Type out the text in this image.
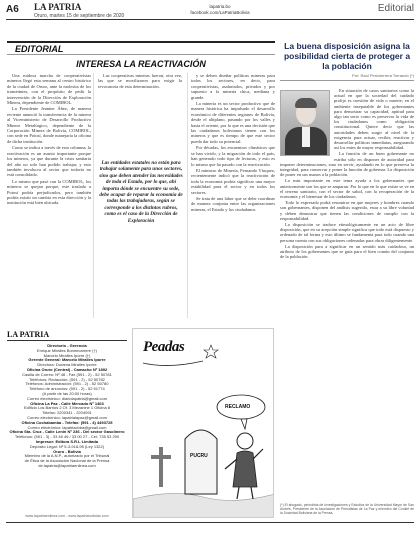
A6 LA PATRIA
Oruro, martes 15 de septiembre de 2020
lapatria.bo
facebook.com/LaPatriaBolivia	Editorial
EDITORIAL
INTERESA LA REACTIVACIÓN

Una ruidosa marcha de cooperativistas mineros llegó esta semana al centro histórico de la ciudad de Oruro, ante la molestia de los transeúntes, con el propósito de pedir la intervención de la Dirección de Exploración Minera, dependiente de COMIBOL.

La Presidente Jeanine Áñez, de manera reciente anunció la transferencia de la minera al Viceministerio de Desarrollo Productivo Minero Metalúrgico, dependiente de la Corporación Minera de Bolivia, COMIBOL, con sede en Potosí, donde manejaría la oficina de dicha institución.

Como se indica a través de esta columna, la reactivación es un asunto importante porque los mineros, ya que durante la crisis sanitaria del año no solo han podido trabajar, y esto también involucra al sector que todavía no está consolidado.

Lo mismo que pasó con la COMIBOL, los mineros se quejan porque, este traslado a Potosí podría perjudicarlos, pero también podría existir un cambio en esta dirección y la institución está bien ubicada.

Las cooperativas mineras fueron, otra vez, las que se movilizaron para exigir la revocatoria de esta determinación.

Las entidades estatales no están para trabajar solamente para unos sectores, sino que deben atender las necesidades de toda el Estado, por lo que, ahí importa dónde se encuentre su sede, debe ocupar de reparar la economía de todas las trabajadoras, según se corresponde a los distintos rubros, como es el caso de la Dirección de Exploración

y se deben diseñar políticas mineras para todos los sectores, en decir, para cooperativistas, asalariados, privados y por supuesto a la minería chica, mediana y grande.

La minería es un sector productivo que de manera histórica ha impulsado el desarrollo económico de diferentes regiones de Bolivia, desde el altiplano, pasando por los valles y hasta el oriente, por lo que es una decisión que las ciudadanos bolivianos tienen con los mineros y que es tiempo de que este sector pueda dar todo su potencial.

Por décadas, los encuentros climáticos que se han vivido, y la migración de todo el país, han generado todo tipo de lecturas, y esto es lo mismo que ha pasado con la reactivación.

El ministro de Minería, Fernando Vásquez, recientemente indicó que la reactivación de toda la economía podría significar una mayor estabilidad para el sector y en todos los sectores.

Se trata de una labor que se debe coordinar de manera conjunta entre las organizaciones mineras, el Estado y los ciudadanos.

La buena disposición asigna la posibilidad cierta de proteger a la población
Por: Raúl Pericherrera Torrando (*)

En situación de casos sanitarios como la actual en que la sociedad del cuidado prolijo es cuestión de vida o muerte; en el ambiente inseparable de los gobernantes para demostrar su capacidad, aptitud para algo tan serio como es preservar la vida de los ciudadanos como obligación constitucional. Quiere decir que las autoridades deben surgir al nivel de la exigencia para actuar, recibir, reactivar y desarrollar políticas inmediatas, asegurando así los entes de mayor responsabilidad.

La función de un buen gobernante no estriba sólo en disponer de autoridad para imponer determinaciones, sino en servir, ayudando en lo que preserva la integridad, para conservar y poner la función de gobernar. La disposición de poner en sus manos a la población.

Lo más importante en este tema ayuda a los gobernantes que anteriormente son los que se amparan. Por lo que en lo que existe se ve en el terreno sanitario, con el sector de salud, con la recuperación de la economía y el bienestar de los ciudadanos.

Todo lo expresado podrá resumirse en que mujeres y hombres cuando son gobernantes, disponen del análisis sugerido, estar a su libre voluntad y deben demostrar que tienen las condiciones de cumplir con la responsabilidad.

La disposición se traduce etimológicamente en un acto de libre disposición, que en su acepción simple significa que todo está dispuesto y ordenado de tal forma y esto último se fundamenta para todo cuando una persona cuenta con sus obligaciones ordenadas para obrar diligentemente.

La disposición para a significar en un sentido más cuidadoso, un atributo de los gobernantes que se guía para el bien común del conjunto de la población.

(*) El abogado, periodista de Investigaciones y Estudios de la Universidad Mayor de San Andrés, Presidente de la Asociación de Periodistas de La Paz y miembro del Comité de la Sociedad Boliviana de la Prensa.
LA PATRIA
Directorio - Gerencia
Enrique Miralles Bonnecarrere (†)
Marcelo Miralles Iporre (†)
Gerente General: Marcelo Miralles Iporre
Directora: Dorama Miralles Iporre
Oficina Oruro (Central) - Camacho Nº 1892
Casilla de Correo: Nº 48 - Fax (591 - 2) - 52 50781
Teléfonos: Redacción: (591 - 2) - 52 50782
Teléfonos: Administración: (591 - 2) - 52 50780
Teléfono de anuncios: (591 - 2) - 52 51774
(A partir de las 20:00 horas)
Correo electrónico: diariolapatria@gmail.com
Oficina La Paz - Calle Mercado Nº 1403
Edificio Los Barrios 2 Of. 3 Mezanine 1 Oficina 8
Telefax: 2200341 - 2204091
Correo electrónico: lapatrialapaz@gmail.com
Oficina Cochabamba - Telefax: (591 - 4) 4493725
Correo electrónico: lapatriacbba@gmail.com
Oficina Sta. Cruz - Calle Lenin Nº 236 - Del sector Gasolinero
Teléfonos: (591 - 3) - 33 46 46 / 33 00 27 - Cel: 735 53 290
Impresor: Editora S.R.L Limitada
Depósito Legal: Nº 5-3-918-95 (Ley 1322)
Oruro - Bolivia
Miembro de la A.N.P., autorizado por el Tribunal
de Ética de la Asociación Nacional de la Prensa
de.lapatria@lapatriaenlinea.com
www.lapatriaenlinea.com - www.lapatrianoticias.com
Peadas
PUCRU
RECLAMO
